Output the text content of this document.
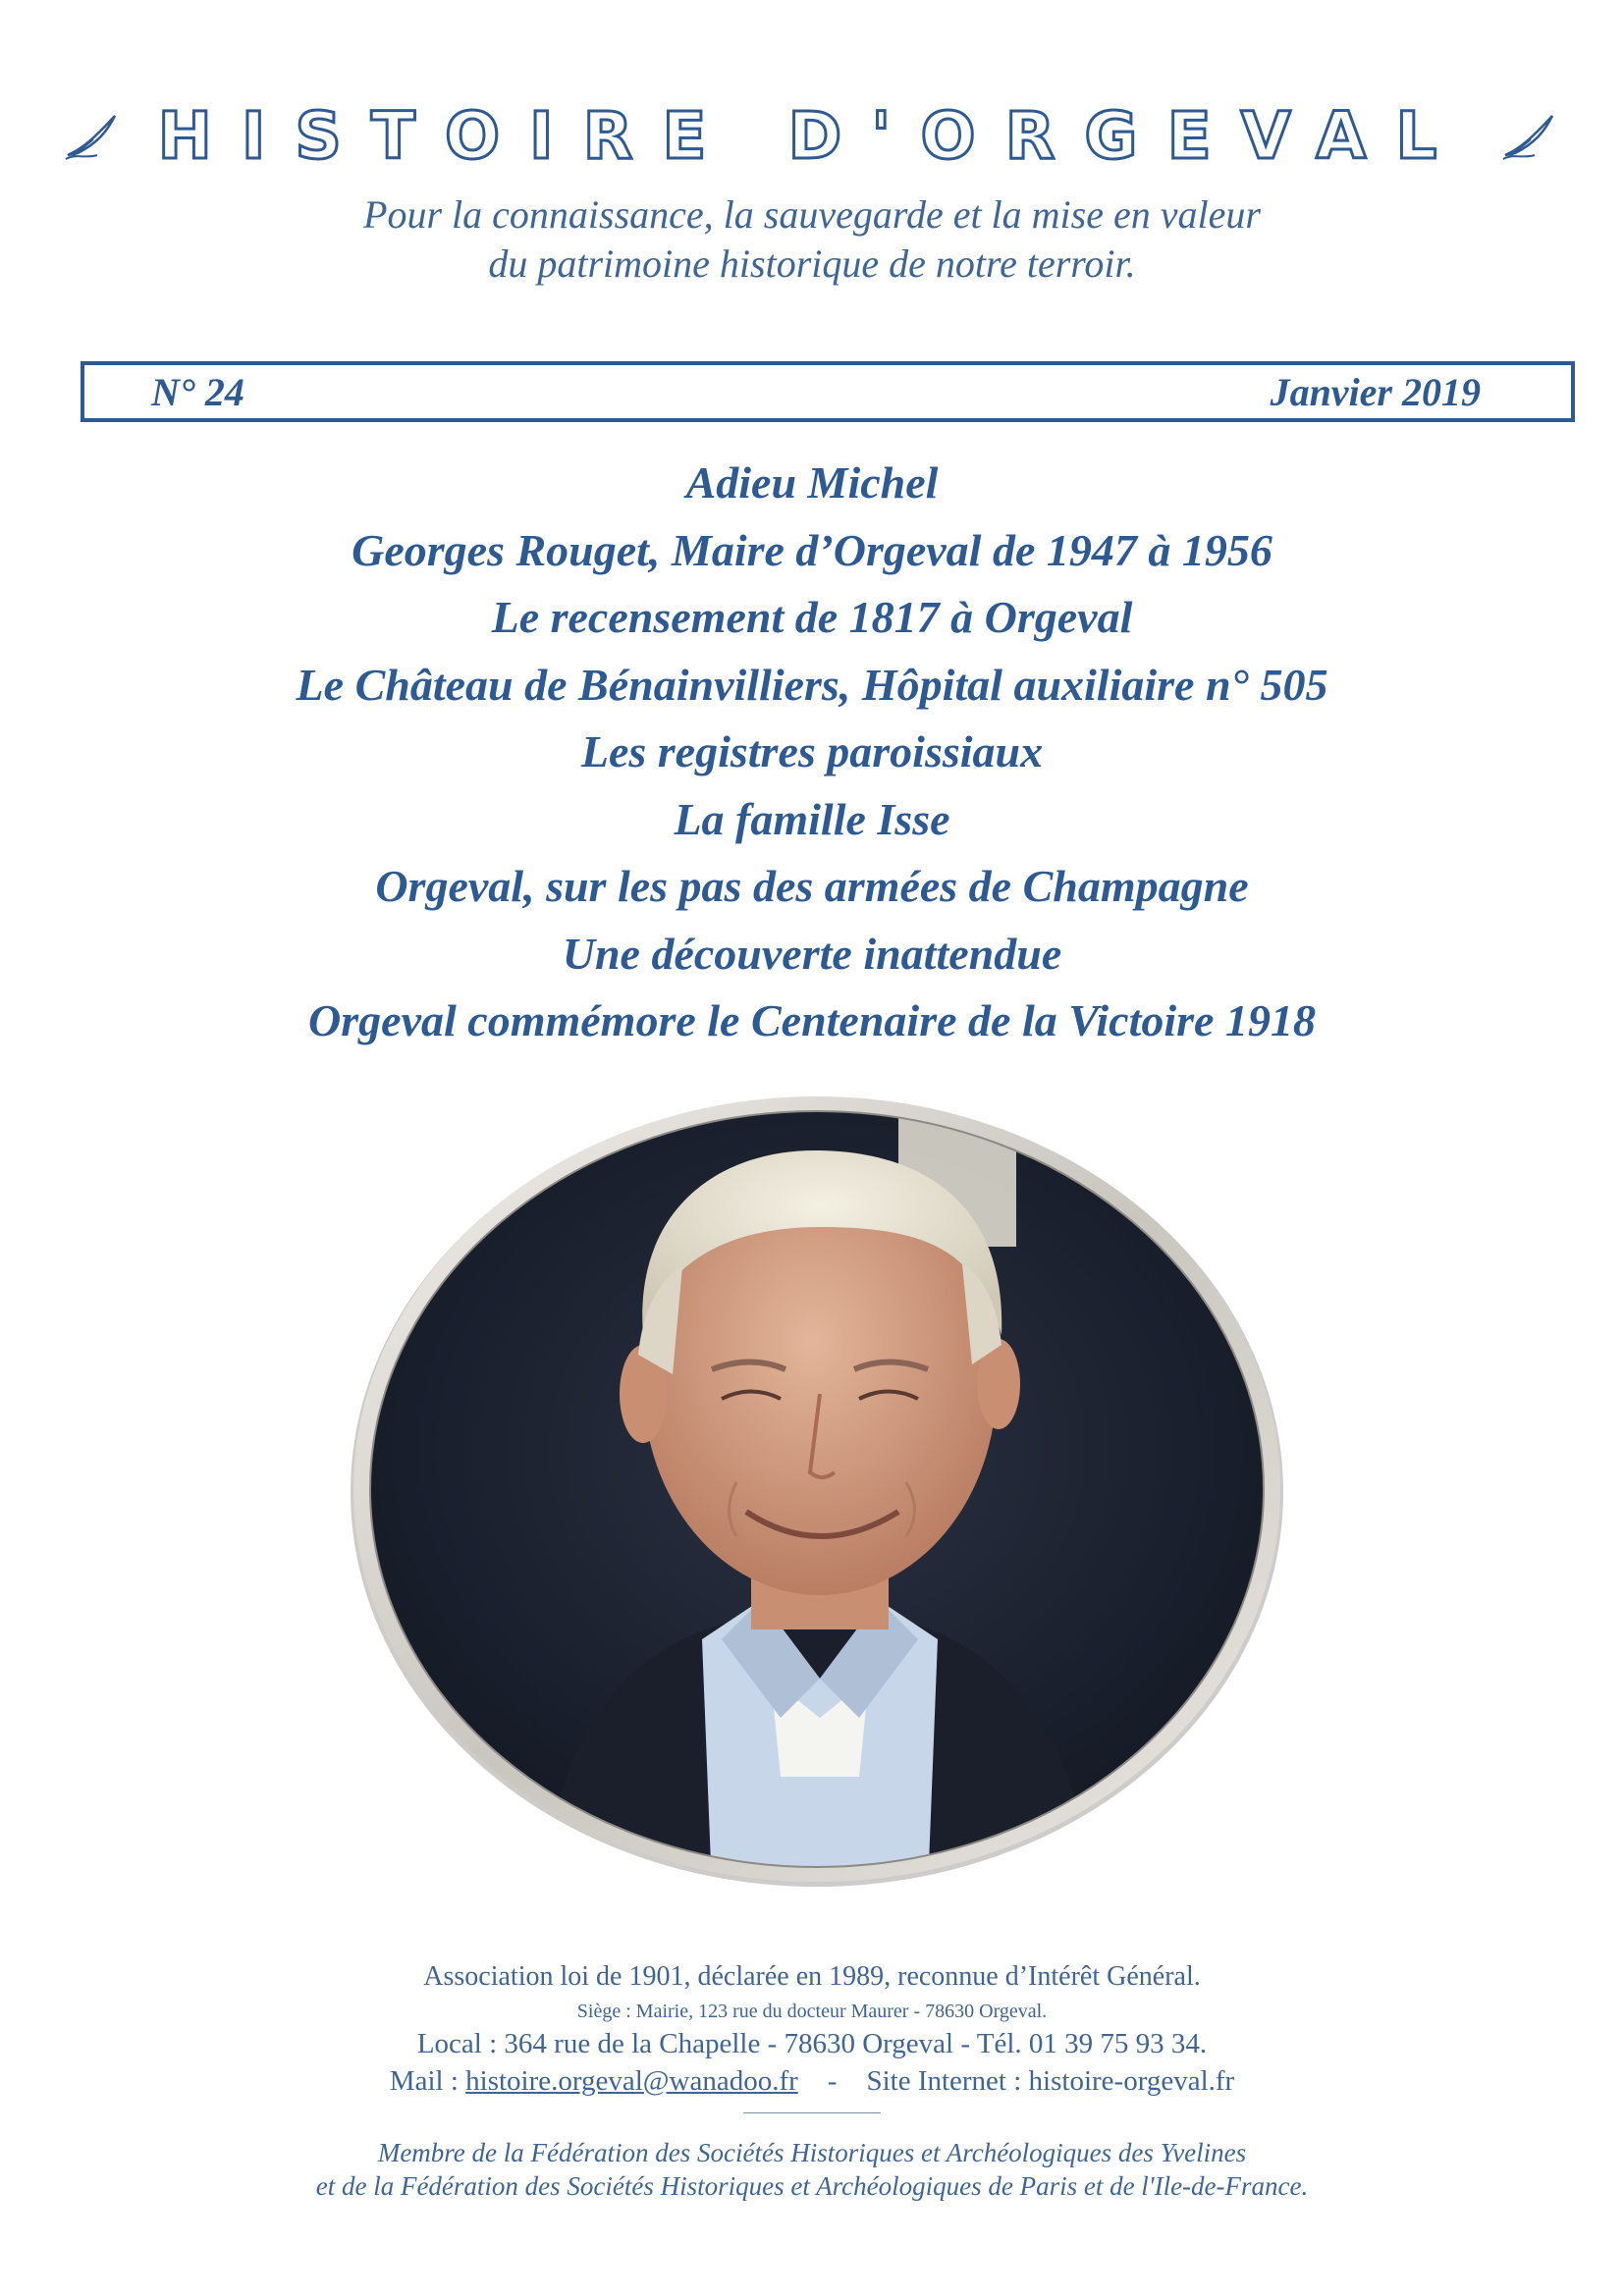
HISTOIRE D'ORGEVAL
Pour la connaissance, la sauvegarde et la mise en valeur
du patrimoine historique de notre terroir.
N° 24	Janvier 2019
Adieu Michel
Georges Rouget, Maire d’Orgeval de 1947 à 1956
Le recensement de 1817 à Orgeval
Le Château de Bénainvilliers, Hôpital auxiliaire n° 505
Les registres paroissiaux
La famille Isse
Orgeval, sur les pas des armées de Champagne
Une découverte inattendue
Orgeval commémore le Centenaire de la Victoire 1918
Association loi de 1901, déclarée en 1989, reconnue d’Intérêt Général.
Siège : Mairie, 123 rue du docteur Maurer - 78630 Orgeval.
Local : 364 rue de la Chapelle - 78630 Orgeval - Tél. 01 39 75 93 34.
Mail : histoire.orgeval@wanadoo.fr - Site Internet : histoire-orgeval.fr
Membre de la Fédération des Sociétés Historiques et Archéologiques des Yvelines
et de la Fédération des Sociétés Historiques et Archéologiques de Paris et de l'Ile-de-France.
